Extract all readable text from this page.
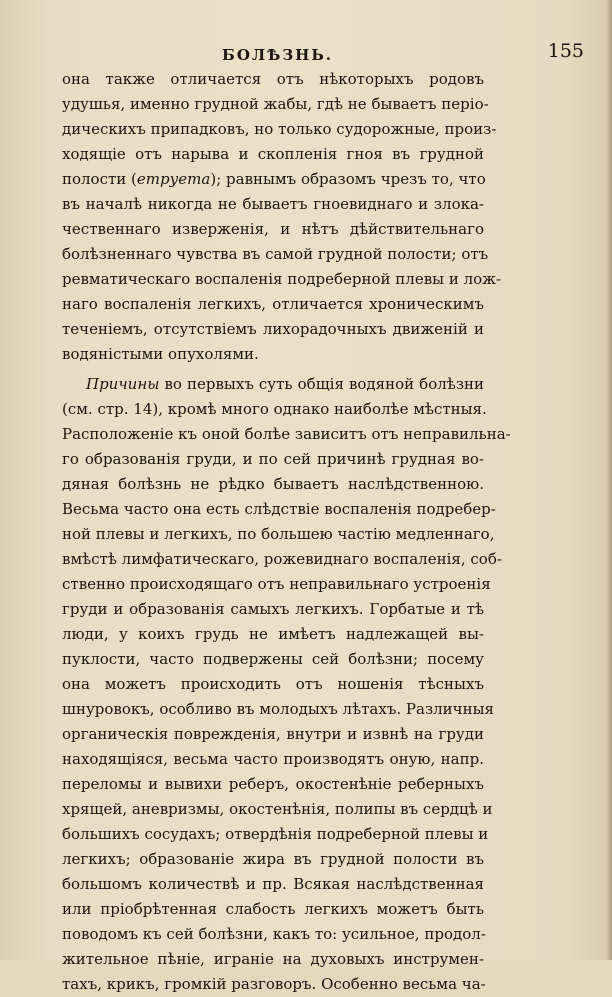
БОЛѢЗНЬ.	155
она также отличается отъ нѣкоторыхъ родовъ
удушья, именно грудной жабы, гдѣ не бываетъ періо-
дическихъ припадковъ, но только судорожные, произ-
ходящіе отъ нарыва и скопленія гноя въ грудной
полости (етруета); равнымъ образомъ чрезъ то, что
въ началѣ никогда не бываетъ гноевиднаго и злока-
чественнаго изверженія, и нѣтъ дѣйствительнаго
болѣзненнаго чувства въ самой грудной полости; отъ
ревматическаго воспаленія подреберной плевы и лож-
наго воспаленія легкихъ, отличается хроническимъ
теченіемъ, отсутствіемъ лихорадочныхъ движеній и
водяністыми опухолями.
Причины во первыхъ суть общія водяной болѣзни
(см. стр. 14), кромѣ много однако наиболѣе мѣстныя.
Расположеніе къ оной болѣе зависитъ отъ неправильна-
го образованія груди, и по сей причинѣ грудная во-
дяная болѣзнь не рѣдко бываетъ наслѣдственною.
Весьма часто она есть слѣдствіе воспаленія подребер-
ной плевы и легкихъ, по большею частію медленнаго,
вмѣстѣ лимфатическаго, рожевиднаго воспаленія, соб-
ственно происходящаго отъ неправильнаго устроенія
груди и образованія самыхъ легкихъ. Горбатые и тѣ
люди, у коихъ грудь не имѣетъ надлежащей вы-
пуклости, часто подвержены сей болѣзни; посему
она можетъ происходить отъ ношенія тѣсныхъ
шнуровокъ, особливо въ молодыхъ лѣтахъ. Различныя
органическія поврежденія, внутри и извнѣ на груди
находящіяся, весьма часто производятъ оную, напр.
переломы и вывихи реберъ, окостенѣніе реберныхъ
хрящей, аневризмы, окостенѣнія, полипы въ сердцѣ и
большихъ сосудахъ; отвердѣнія подреберной плевы и
легкихъ; образованіе жира въ грудной полости въ
большомъ количествѣ и пр. Всякая наслѣдственная
или пріобрѣтенная слабость легкихъ можетъ быть
поводомъ къ сей болѣзни, какъ то: усильное, продол-
жительное пѣніе, играніе на духовыхъ инструмен-
тахъ, крикъ, громкій разговоръ. Особенно весьма ча-
